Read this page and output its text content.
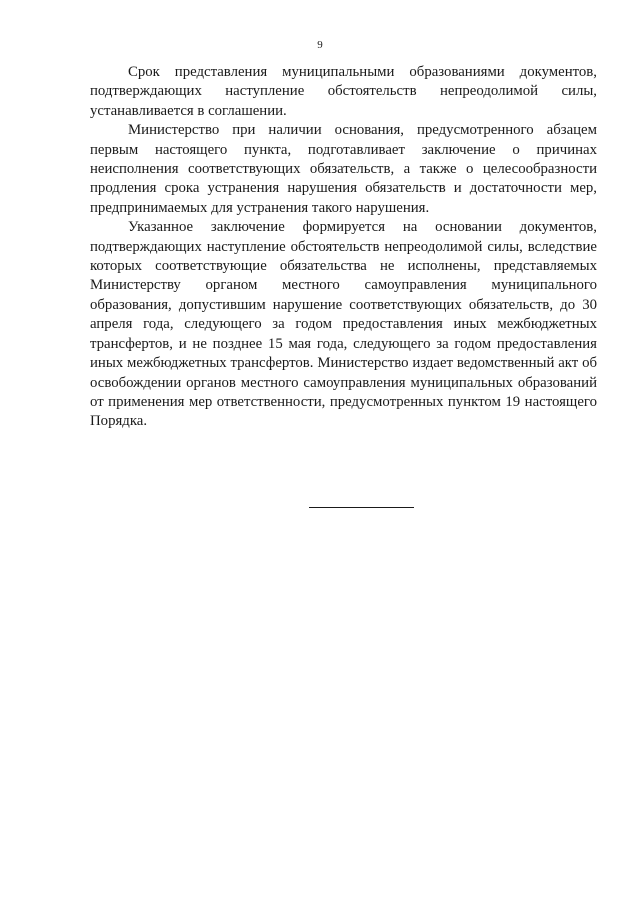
9

Срок представления муниципальными образованиями документов, подтверждающих наступление обстоятельств непреодолимой силы, устанавливается в соглашении.

Министерство при наличии основания, предусмотренного абзацем первым настоящего пункта, подготавливает заключение о причинах неисполнения соответствующих обязательств, а также о целесообразности продления срока устранения нарушения обязательств и достаточности мер, предпринимаемых для устранения такого нарушения.

Указанное заключение формируется на основании документов, подтверждающих наступление обстоятельств непреодолимой силы, вследствие которых соответствующие обязательства не исполнены, представляемых Министерству органом местного самоуправления муниципального образования, допустившим нарушение соответствующих обязательств, до 30 апреля года, следующего за годом предоставления иных межбюджетных трансфертов, и не позднее 15 мая года, следующего за годом предоставления иных межбюджетных трансфертов. Министерство издает ведомственный акт об освобождении органов местного самоуправления муниципальных образований от применения мер ответственности, предусмотренных пунктом 19 настоящего Порядка.
